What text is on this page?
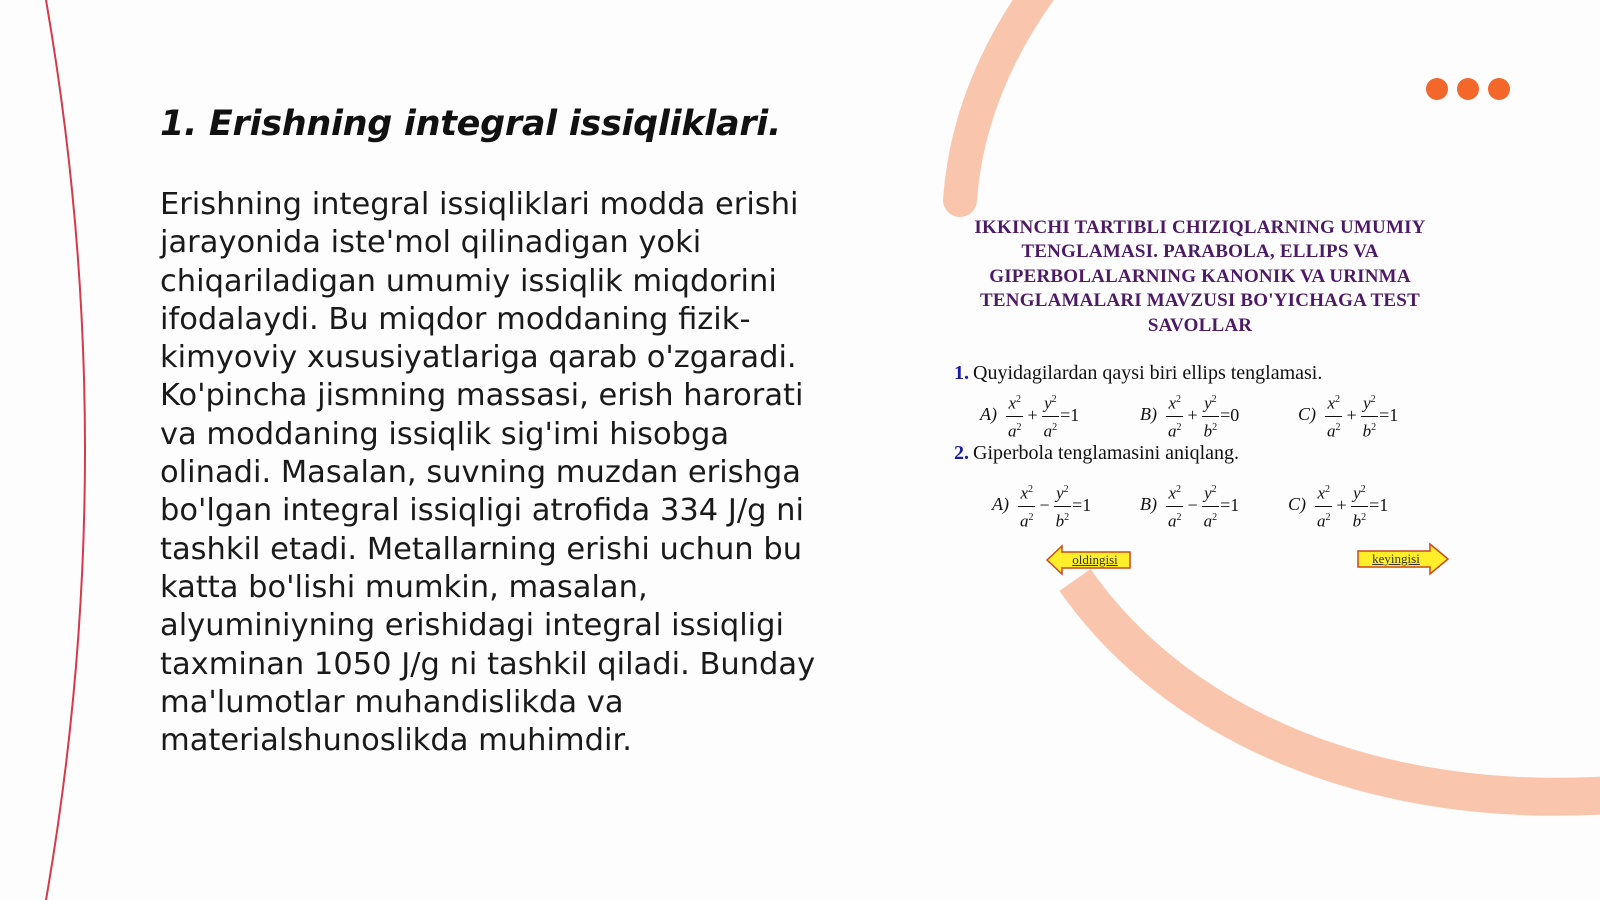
1. Erishning integral issiqliklari.

Erishning integral issiqliklari modda erishi jarayonida iste'mol qilinadigan yoki chiqariladigan umumiy issiqlik miqdorini ifodalaydi. Bu miqdor moddaning fizik-kimyoviy xususiyatlariga qarab o'zgaradi. Ko'pincha jismning massasi, erish harorati va moddaning issiqlik sig'imi hisobga olinadi. Masalan, suvning muzdan erishga bo'lgan integral issiqligi atrofida 334 J/g ni tashkil etadi. Metallarning erishi uchun bu katta bo'lishi mumkin, masalan, alyuminiyning erishidagi integral issiqligi taxminan 1050 J/g ni tashkil qiladi. Bunday ma'lumotlar muhandislikda va materialshunoslikda muhimdir.

IKKINCHI TARTIBLI CHIZIQLARNING UMUMIY TENGLAMASI. PARABOLA, ELLIPS VA GIPERBOLALARNING KANONIK VA URINMA TENGLAMALARI MAVZUSI BO'YICHAGA TEST SAVOLLAR
1. Quyidagilardan qaysi biri ellips tenglamasi.
$A) \frac{x^2}{a^2} + \frac{y^2}{a^2} =1$	$B) \frac{x^2}{a^2} + \frac{y^2}{b^2} =0$	$C) \frac{x^2}{a^2} + \frac{y^2}{b^2} =1$
2. Giperbola tenglamasini aniqlang.
$A) \frac{x^2}{a^2} - \frac{y^2}{b^2} =1$	$B) \frac{x^2}{a^2} - \frac{y^2}{a^2} =1$	$C) \frac{x^2}{a^2} + \frac{y^2}{b^2} =1$
oldingisi	keyingisi
